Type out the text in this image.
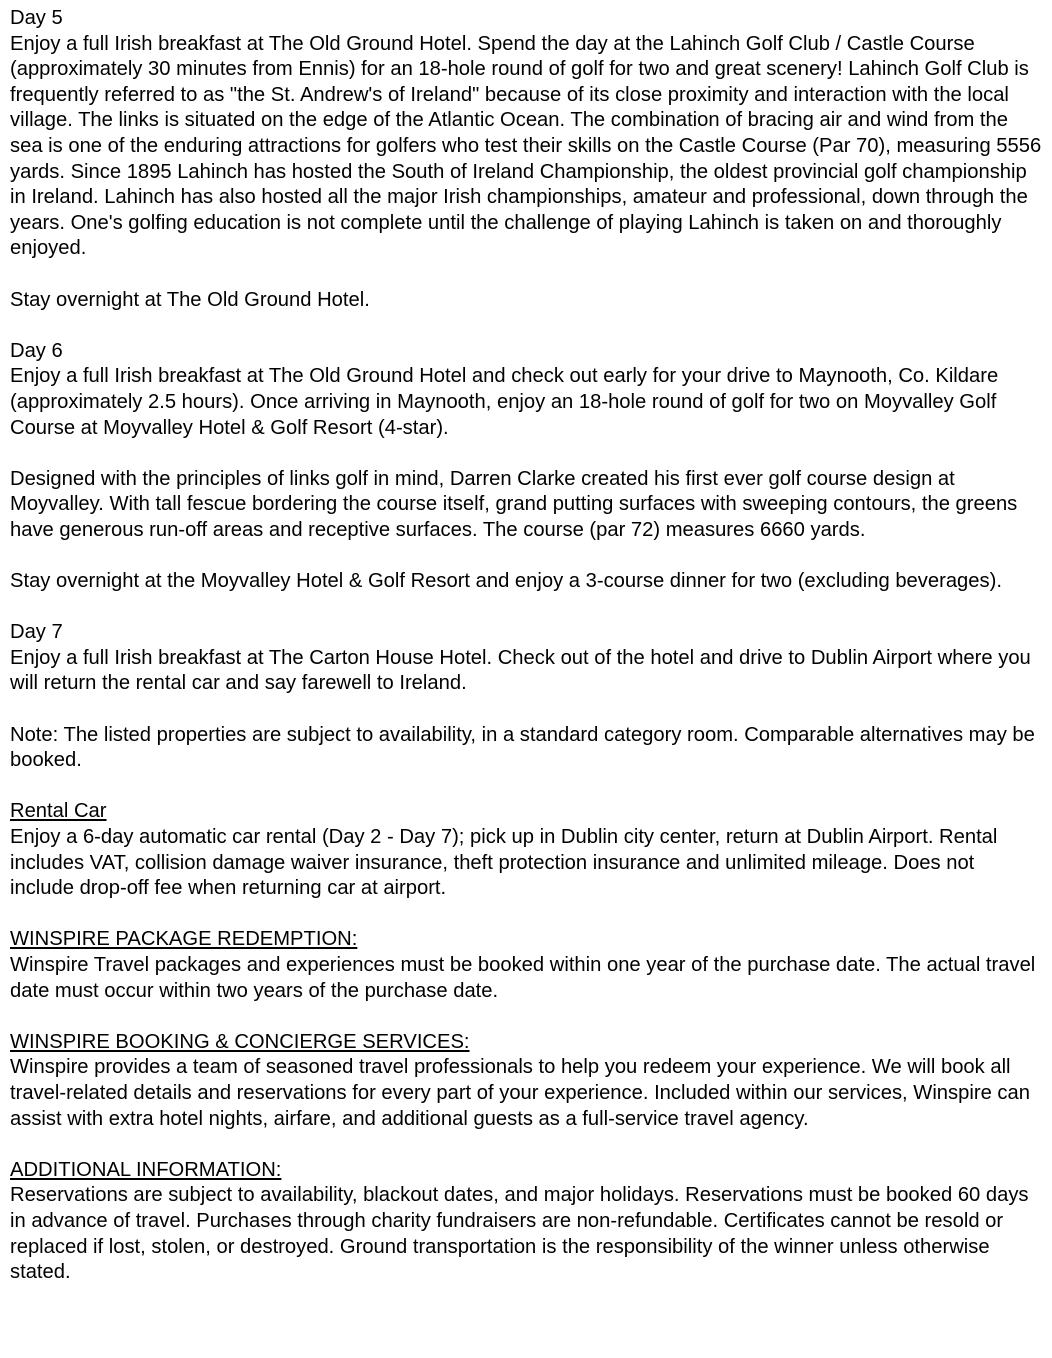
Day 5

Enjoy a full Irish breakfast at The Old Ground Hotel. Spend the day at the Lahinch Golf Club / Castle Course (approximately 30 minutes from Ennis) for an 18-hole round of golf for two and great scenery! Lahinch Golf Club is frequently referred to as "the St. Andrew's of Ireland" because of its close proximity and interaction with the local village. The links is situated on the edge of the Atlantic Ocean. The combination of bracing air and wind from the sea is one of the enduring attractions for golfers who test their skills on the Castle Course (Par 70), measuring 5556 yards. Since 1895 Lahinch has hosted the South of Ireland Championship, the oldest provincial golf championship in Ireland. Lahinch has also hosted all the major Irish championships, amateur and professional, down through the years. One's golfing education is not complete until the challenge of playing Lahinch is taken on and thoroughly enjoyed.

Stay overnight at The Old Ground Hotel.

Day 6

Enjoy a full Irish breakfast at The Old Ground Hotel and check out early for your drive to Maynooth, Co. Kildare (approximately 2.5 hours). Once arriving in Maynooth, enjoy an 18-hole round of golf for two on Moyvalley Golf Course at Moyvalley Hotel & Golf Resort (4-star).

Designed with the principles of links golf in mind, Darren Clarke created his first ever golf course design at Moyvalley. With tall fescue bordering the course itself, grand putting surfaces with sweeping contours, the greens have generous run-off areas and receptive surfaces. The course (par 72) measures 6660 yards.

Stay overnight at the Moyvalley Hotel & Golf Resort and enjoy a 3-course dinner for two (excluding beverages).

Day 7

Enjoy a full Irish breakfast at The Carton House Hotel. Check out of the hotel and drive to Dublin Airport where you will return the rental car and say farewell to Ireland.

Note: The listed properties are subject to availability, in a standard category room. Comparable alternatives may be booked.

Rental Car

Enjoy a 6-day automatic car rental (Day 2 - Day 7); pick up in Dublin city center, return at Dublin Airport. Rental includes VAT, collision damage waiver insurance, theft protection insurance and unlimited mileage. Does not include drop-off fee when returning car at airport.

WINSPIRE PACKAGE REDEMPTION:

Winspire Travel packages and experiences must be booked within one year of the purchase date. The actual travel date must occur within two years of the purchase date.

WINSPIRE BOOKING & CONCIERGE SERVICES:

Winspire provides a team of seasoned travel professionals to help you redeem your experience. We will book all travel-related details and reservations for every part of your experience. Included within our services, Winspire can assist with extra hotel nights, airfare, and additional guests as a full-service travel agency.

ADDITIONAL INFORMATION:

Reservations are subject to availability, blackout dates, and major holidays. Reservations must be booked 60 days in advance of travel. Purchases through charity fundraisers are non-refundable. Certificates cannot be resold or replaced if lost, stolen, or destroyed. Ground transportation is the responsibility of the winner unless otherwise stated.
